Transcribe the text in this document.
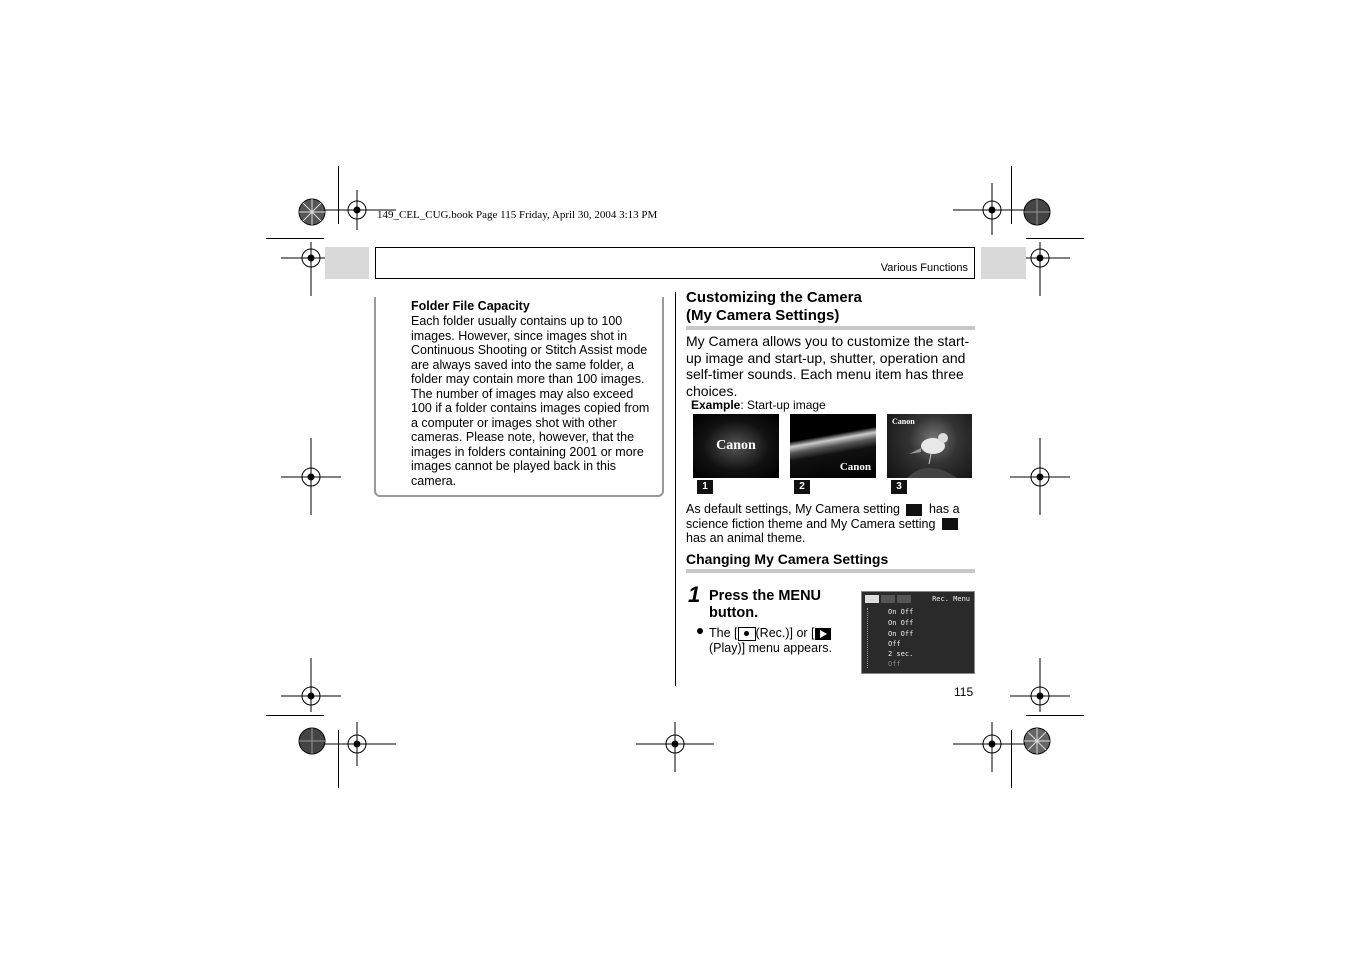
149_CEL_CUG.book Page 115 Friday, April 30, 2004 3:13 PM
Various Functions
Folder File Capacity
Each folder usually contains up to 100
images. However, since images shot in
Continuous Shooting or Stitch Assist mode
are always saved into the same folder, a
folder may contain more than 100 images.
The number of images may also exceed
100 if a folder contains images copied from
a computer or images shot with other
cameras. Please note, however, that the
images in folders containing 2001 or more
images cannot be played back in this
camera.
Customizing the Camera
(My Camera Settings)
My Camera allows you to customize the start-up image and start-up, shutter, operation and self-timer sounds. Each menu item has three choices.
Example: Start-up image
Canon
Canon
Canon
1	2	3
As default settings, My Camera setting has a science fiction theme and My Camera setting  has an animal theme.
Changing My Camera Settings
1 Press the MENU
button.
The [ (Rec.)] or [

(Play)] menu appears.
Rec. Menu
On Off
On Off
On Off
Off
2 sec.
Off
115
